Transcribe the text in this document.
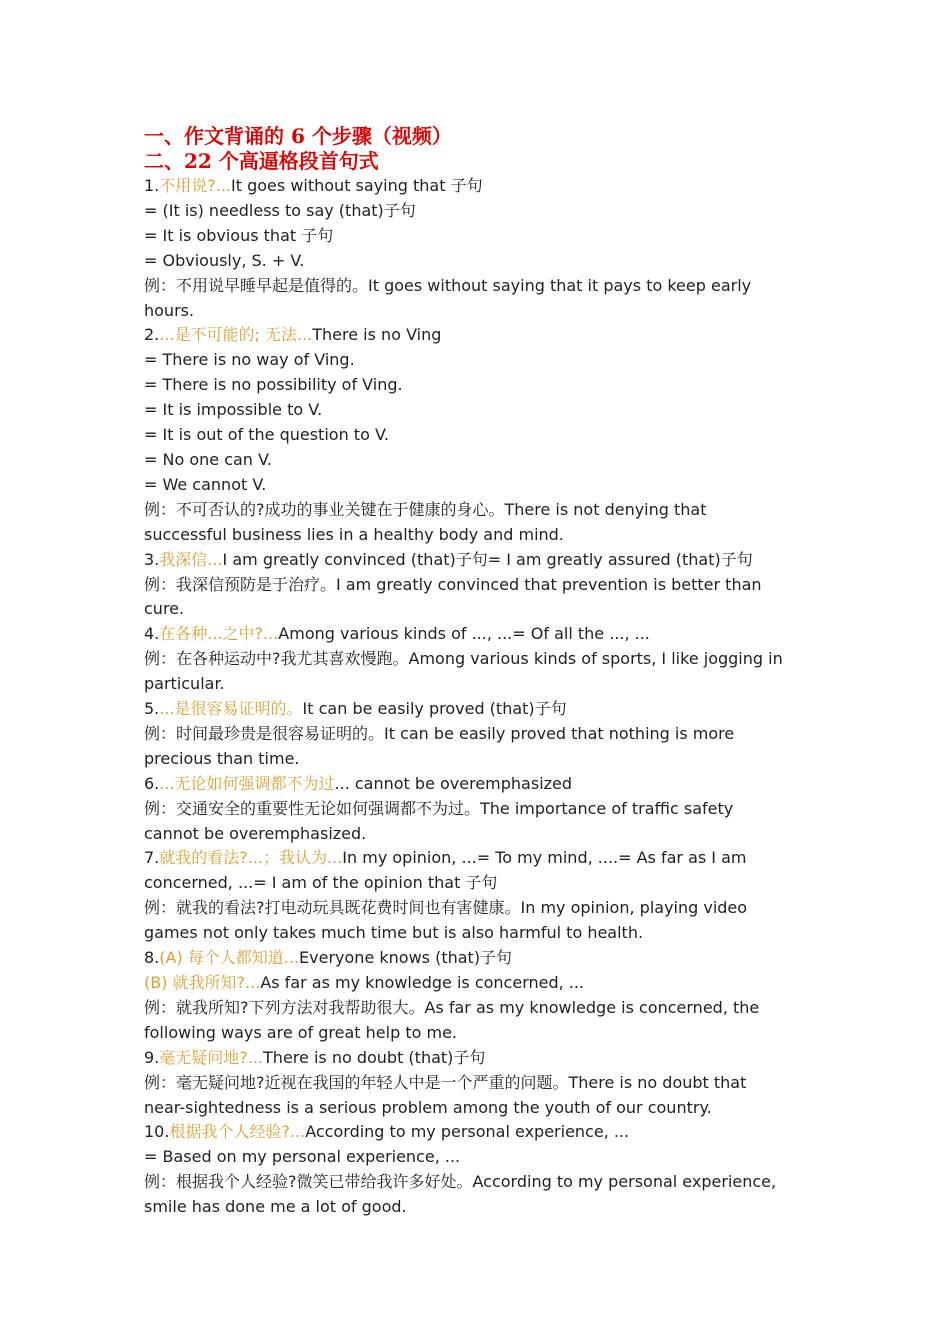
一、作文背诵的 6 个步骤（视频）
二、22 个高逼格段首句式
1.不用说?...It goes without saying that 子句
= (It is) needless to say (that)子句
= It is obvious that 子句
= Obviously, S. + V.
例：不用说早睡早起是值得的。It goes without saying that it pays to keep early
hours.
2....是不可能的; 无法...There is no Ving
= There is no way of Ving.
= There is no possibility of Ving.
= It is impossible to V.
= It is out of the question to V.
= No one can V.
= We cannot V.
例：不可否认的?成功的事业关键在于健康的身心。There is not denying that
successful business lies in a healthy body and mind.
3.我深信...I am greatly convinced (that)子句= I am greatly assured (that)子句
例：我深信预防是于治疗。I am greatly convinced that prevention is better than
cure.
4.在各种...之中?...Among various kinds of ..., ...= Of all the ..., ...
例：在各种运动中?我尤其喜欢慢跑。Among various kinds of sports, I like jogging in
particular.
5....是很容易证明的。It can be easily proved (that)子句
例：时间最珍贵是很容易证明的。It can be easily proved that nothing is more
precious than time.
6....无论如何强调都不为过... cannot be overemphasized
例：交通安全的重要性无论如何强调都不为过。The importance of traffic safety
cannot be overemphasized.
7.就我的看法?...；我认为...In my opinion, ...= To my mind, ....= As far as I am
concerned, ...= I am of the opinion that 子句
例：就我的看法?打电动玩具既花费时间也有害健康。In my opinion, playing video
games not only takes much time but is also harmful to health.
8.(A) 每个人都知道...Everyone knows (that)子句
(B) 就我所知?...As far as my knowledge is concerned, ...
例：就我所知?下列方法对我帮助很大。As far as my knowledge is concerned, the
following ways are of great help to me.
9.毫无疑问地?...There is no doubt (that)子句
例：毫无疑问地?近视在我国的年轻人中是一个严重的问题。There is no doubt that
near-sightedness is a serious problem among the youth of our country.
10.根据我个人经验?...According to my personal experience, ...
= Based on my personal experience, ...
例：根据我个人经验?微笑已带给我许多好处。According to my personal experience,
smile has done me a lot of good.
